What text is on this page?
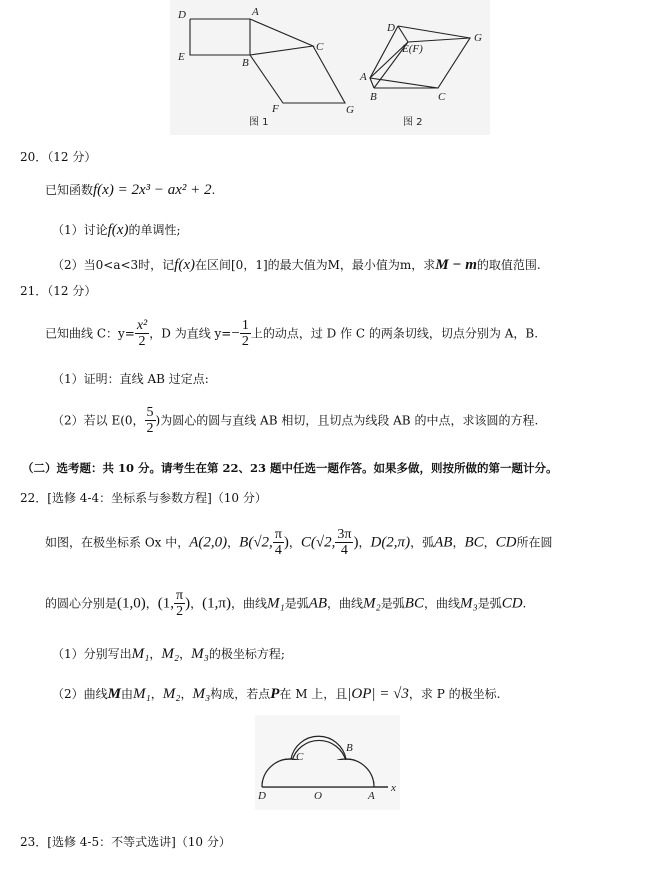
D	A
E	B
C
F	G
图 1
D
E(F)
G
A
B	C
图 2
20．（12 分）
已知函数f(x) = 2x³ − ax² + 2.
（1）讨论f(x)的单调性;
（2）当0<a<3时，记f(x)在区间[0，1]的最大值为M，最小值为m，求M − m的取值范围.
21．（12 分）
已知曲线 C：$y= \frac{\text{x²}}{2}$ ，D 为直线 $y=- \frac{1}{2}$ 上的动点，过 D 作 C 的两条切线，切点分别为 A，B.
（1）证明：直线 AB 过定点:
（2）若以 E(0， $\frac{5}{2}$ )为圆心的圆与直线 AB 相切，且切点为线段 AB 的中点，求该圆的方程.
（二）选考题：共 10 分。请考生在第 22、23 题中任选一题作答。如果多做，则按所做的第一题计分。
22．[选修 4-4：坐标系与参数方程]（10 分）
如图，在极坐标系 Ox 中，A(2,0)，B(√2, $\frac{\pi}{4}$ )，C(√2, $\frac{3\pi}{4}$ )，D(2,π)，弧AB，BC，CD所在圆
的圆心分别是(1,0)，(1, $\frac{\pi}{2}$ )，(1,π)，曲线M₁是弧AB，曲线M₂是弧BC，曲线M₃是弧CD.
（1）分别写出M₁，M₂，M₃的极坐标方程;
（2）曲线M由M₁，M₂，M₃构成，若点P在 M 上，且|OP| = √3，求 P 的极坐标.
C
B
D	O	A
x
23．[选修 4-5：不等式选讲]（10 分）
